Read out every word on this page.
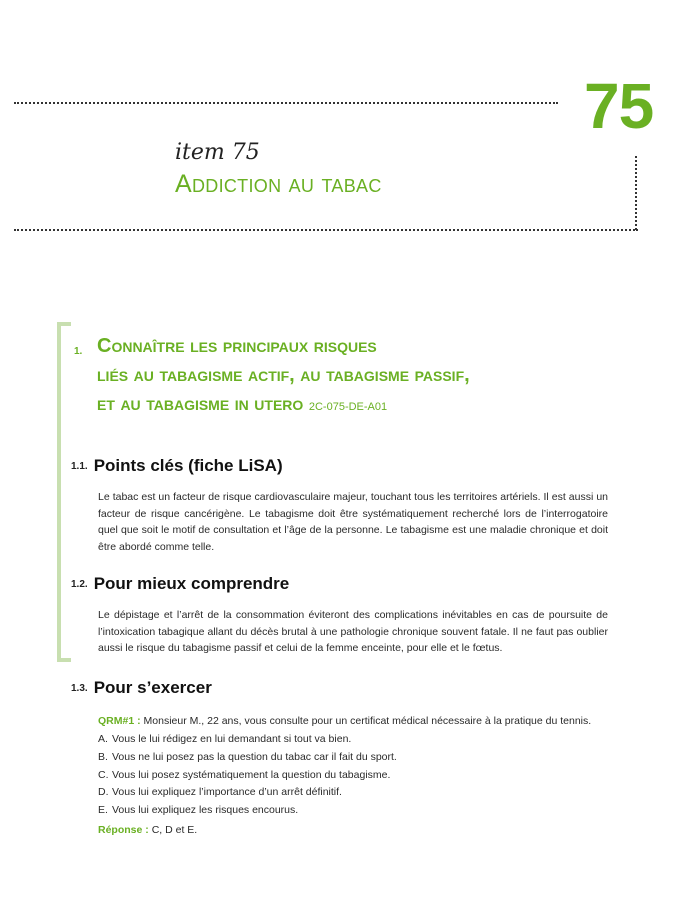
75
item 75
Addiction au tabac
1. Connaître les principaux risques
liés au tabagisme actif, au tabagisme passif,
et au tabagisme in utero 2C-075-DE-A01
1.1. Points clés (fiche LiSA)
Le tabac est un facteur de risque cardiovasculaire majeur, touchant tous les territoires artériels. Il est aussi un facteur de risque cancérigène. Le tabagisme doit être systématiquement recherché lors de l’interrogatoire quel que soit le motif de consultation et l’âge de la personne. Le tabagisme est une maladie chronique et doit être abordé comme telle.
1.2. Pour mieux comprendre
Le dépistage et l’arrêt de la consommation éviteront des complications inévitables en cas de poursuite de l’intoxication tabagique allant du décès brutal à une pathologie chronique souvent fatale. Il ne faut pas oublier aussi le risque du tabagisme passif et celui de la femme enceinte, pour elle et le fœtus.
1.3. Pour s’exercer
QRM#1 : Monsieur M., 22 ans, vous consulte pour un certificat médical nécessaire à la pratique du tennis.
A. Vous le lui rédigez en lui demandant si tout va bien.
B. Vous ne lui posez pas la question du tabac car il fait du sport.
C. Vous lui posez systématiquement la question du tabagisme.
D. Vous lui expliquez l’importance d’un arrêt définitif.
E. Vous lui expliquez les risques encourus.
Réponse : C, D et E.
